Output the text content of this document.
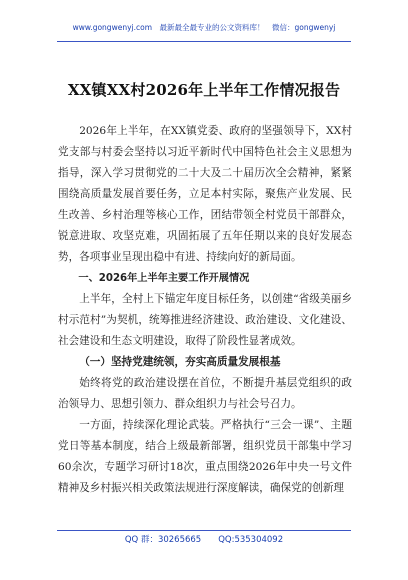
www.gongwenyj.com　最新最全最专业的公文资料库！　微信：gongwenyj
XX镇XX村2026年上半年工作情况报告

2026年上半年，在XX镇党委、政府的坚强领导下，XX村党支部与村委会坚持以习近平新时代中国特色社会主义思想为指导，深入学习贯彻党的二十大及二十届历次全会精神，紧紧围绕高质量发展首要任务，立足本村实际，聚焦产业发展、民生改善、乡村治理等核心工作，团结带领全村党员干部群众，锐意进取、攻坚克难，巩固拓展了五年任期以来的良好发展态势，各项事业呈现出稳中有进、持续向好的新局面。

一、2026年上半年主要工作开展情况

上半年，全村上下锚定年度目标任务，以创建“省级美丽乡村示范村”为契机，统筹推进经济建设、政治建设、文化建设、社会建设和生态文明建设，取得了阶段性显著成效。

（一）坚持党建统领，夯实高质量发展根基

始终将党的政治建设摆在首位，不断提升基层党组织的政治领导力、思想引领力、群众组织力与社会号召力。

一方面，持续深化理论武装。严格执行“三会一课”、主题党日等基本制度，结合上级最新部署，组织党员干部集中学习60余次，专题学习研讨18次，重点围绕2026年中央一号文件精神及乡村振兴相关政策法规进行深度解读，确保党的创新理

QQ 群：30265665　　QQ:535304092
